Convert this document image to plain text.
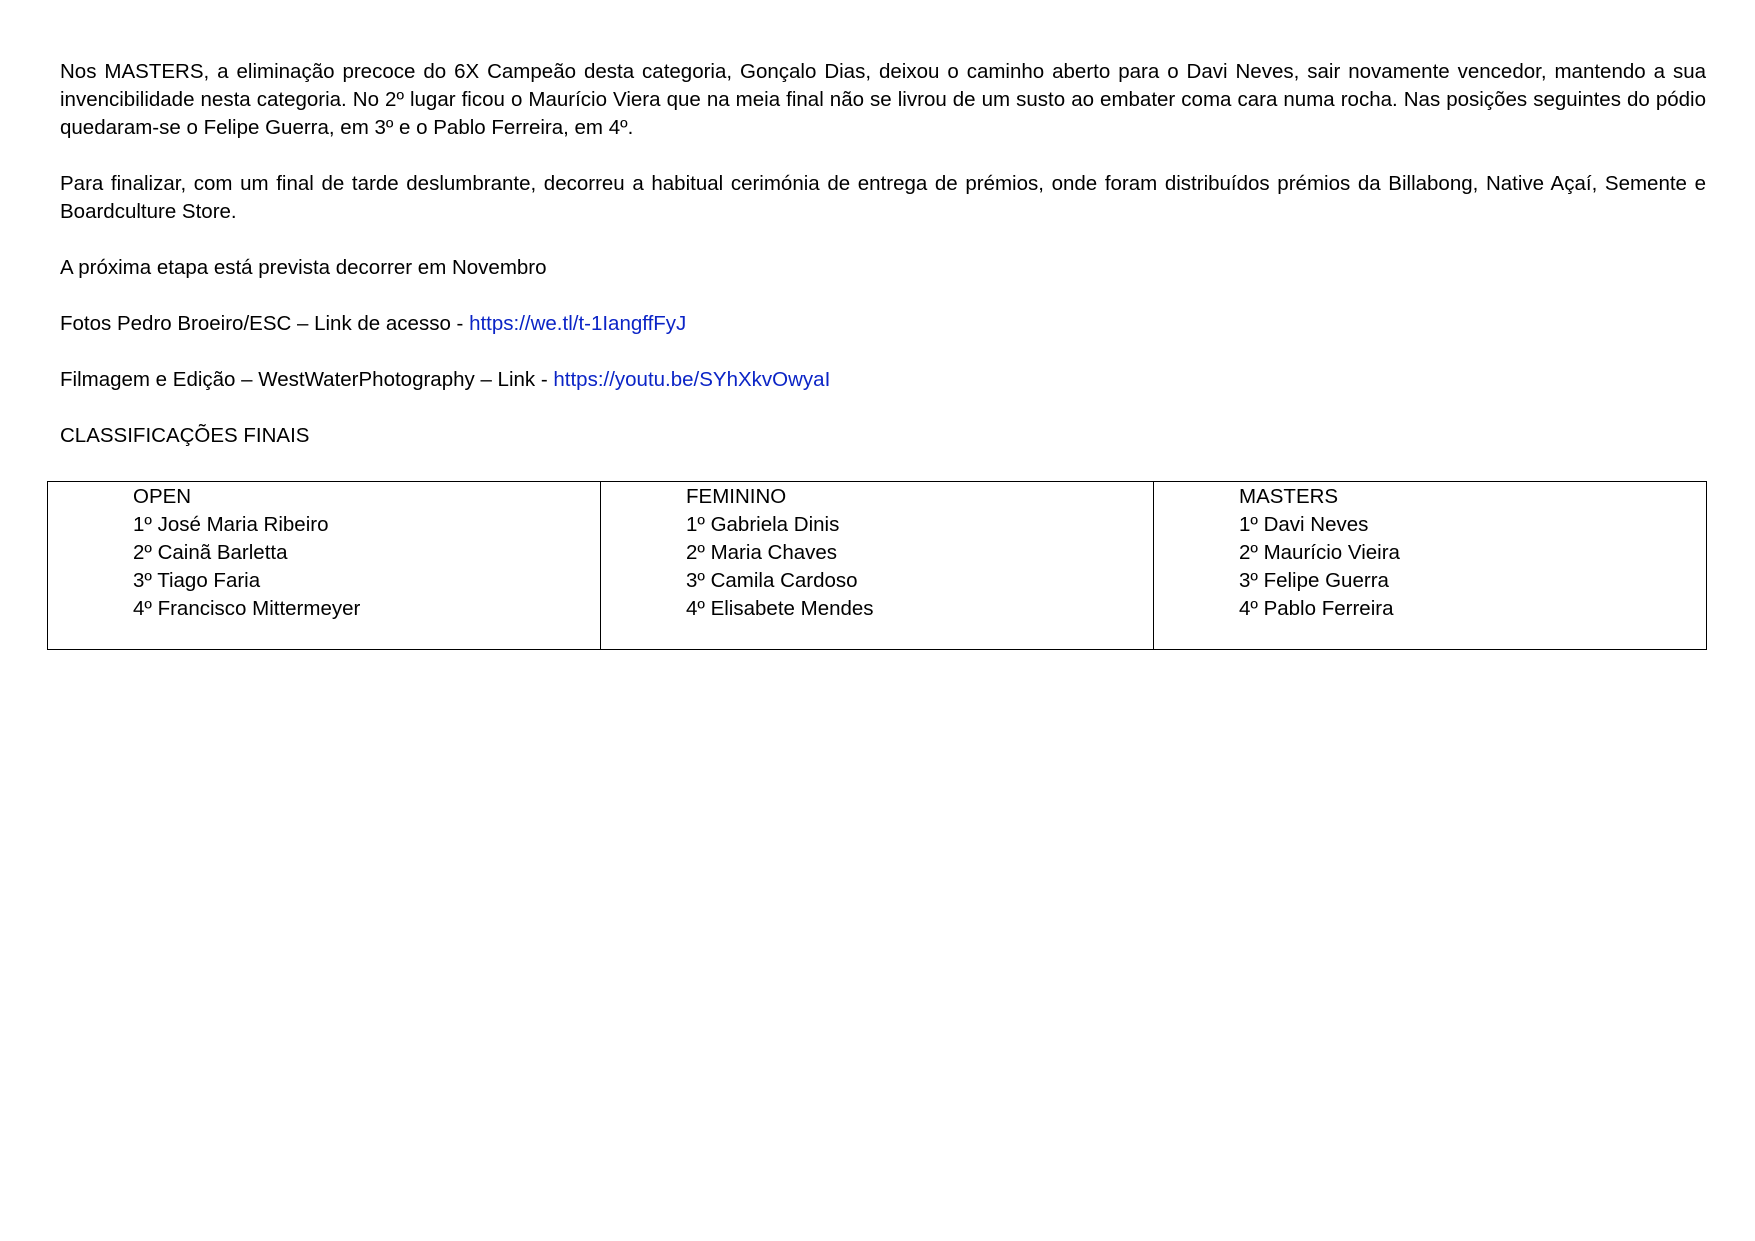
Nos MASTERS, a eliminação precoce do 6X Campeão desta categoria, Gonçalo Dias, deixou o caminho aberto para o Davi Neves, sair novamente vencedor, mantendo a sua invencibilidade nesta categoria. No 2º lugar ficou o Maurício Viera que na meia final não se livrou de um susto ao embater coma cara numa rocha. Nas posições seguintes do pódio quedaram-se o Felipe Guerra, em 3º e o Pablo Ferreira, em 4º.

Para finalizar, com um final de tarde deslumbrante, decorreu a habitual cerimónia de entrega de prémios, onde foram distribuídos prémios da Billabong, Native Açaí, Semente e Boardculture Store.

A próxima etapa está prevista decorrer em Novembro

Fotos Pedro Broeiro/ESC – Link de acesso - https://we.tl/t-1IangffFyJ

Filmagem e Edição – WestWaterPhotography – Link - https://youtu.be/SYhXkvOwyaI

CLASSIFICAÇÕES FINAIS

OPEN
1º José Maria Ribeiro
2º Cainã Barletta
3º Tiago Faria
4º Francisco Mittermeyer
FEMININO
1º Gabriela Dinis
2º Maria Chaves
3º Camila Cardoso
4º Elisabete Mendes
MASTERS
1º Davi Neves
2º Maurício Vieira
3º Felipe Guerra
4º Pablo Ferreira
